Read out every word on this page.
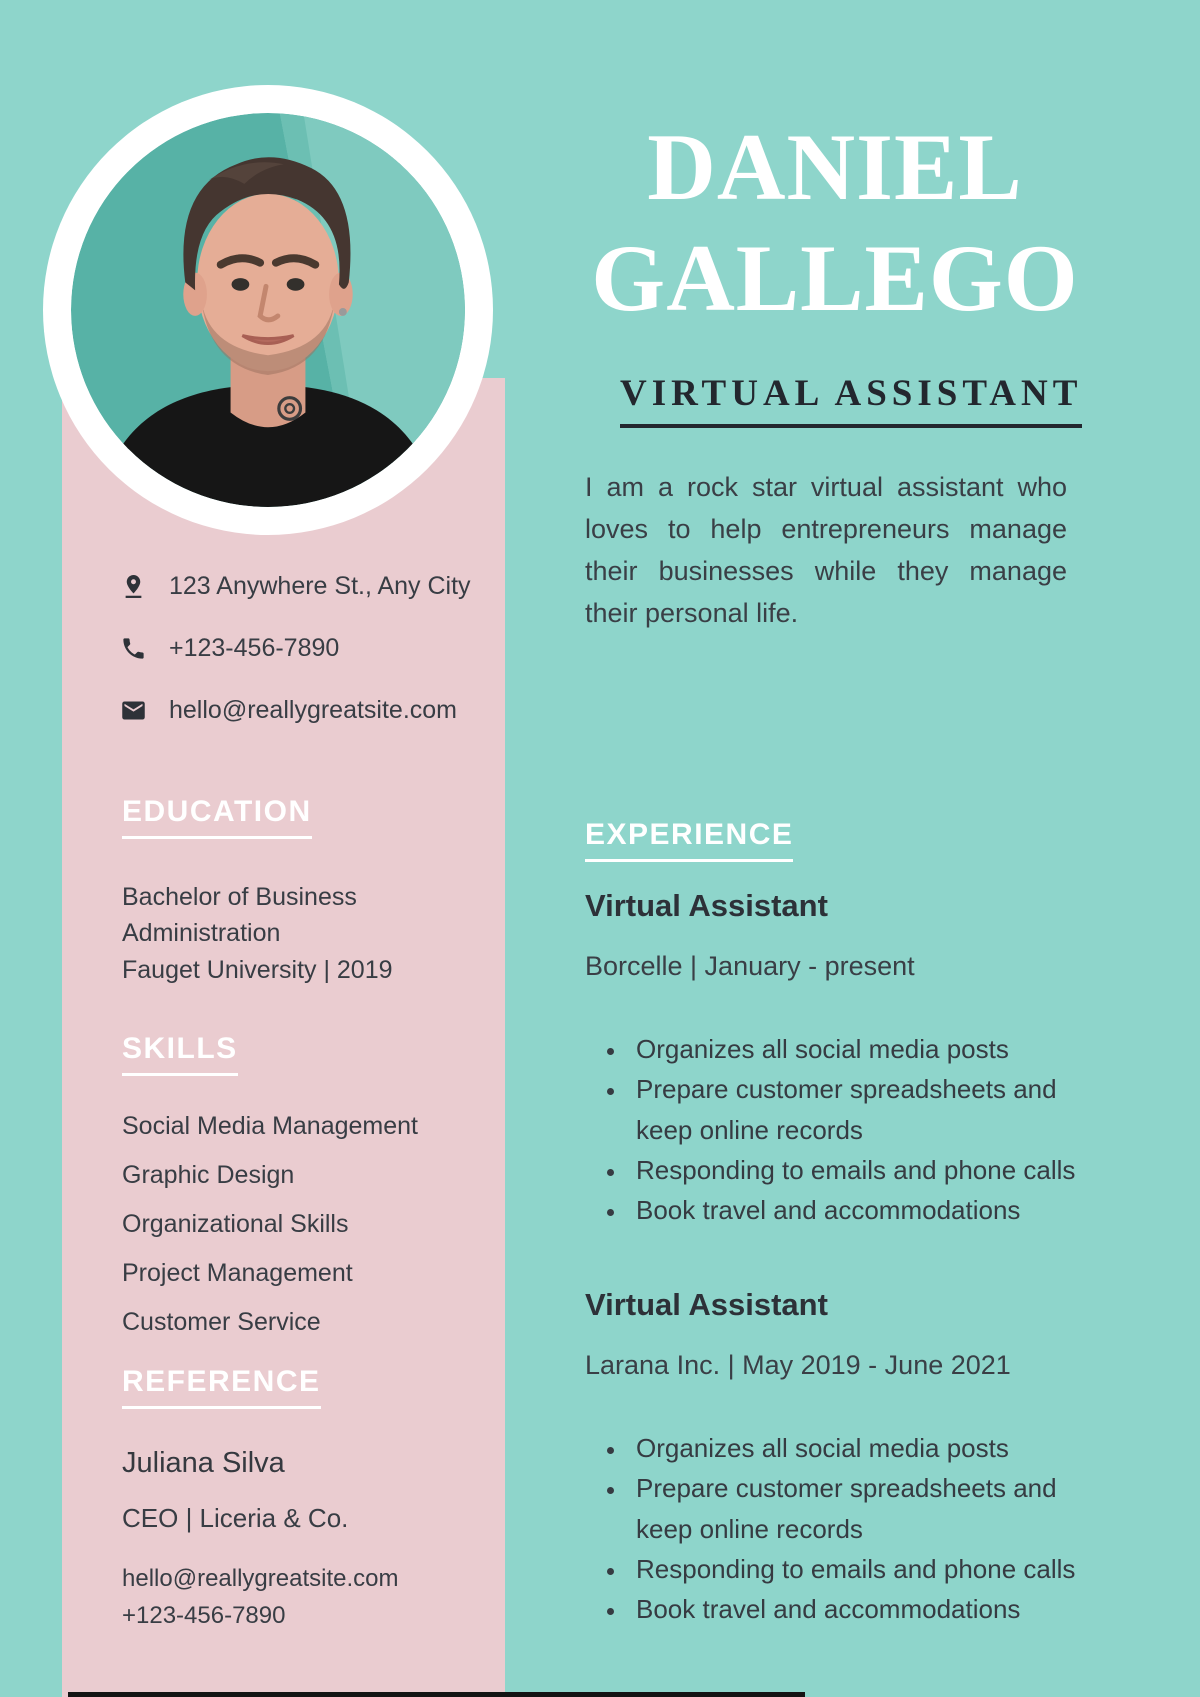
123 Anywhere St., Any City
+123-456-7890
hello@reallygreatsite.com
EDUCATION
Bachelor of Business Administration
Fauget University | 2019
SKILLS
Social Media Management
Graphic Design
Organizational Skills
Project Management
Customer Service
REFERENCE
Juliana Silva
CEO | Liceria & Co.
hello@reallygreatsite.com
+123-456-7890
DANIEL
GALLEGO
VIRTUAL ASSISTANT
I am a rock star virtual assistant who loves to help entrepreneurs manage their businesses while they manage their personal life.
EXPERIENCE
Virtual Assistant
Borcelle | January - present
• Organizes all social media posts
• Prepare customer spreadsheets and keep online records
• Responding to emails and phone calls
• Book travel and accommodations
Virtual Assistant
Larana Inc. | May 2019 - June 2021
• Organizes all social media posts
• Prepare customer spreadsheets and keep online records
• Responding to emails and phone calls
• Book travel and accommodations
